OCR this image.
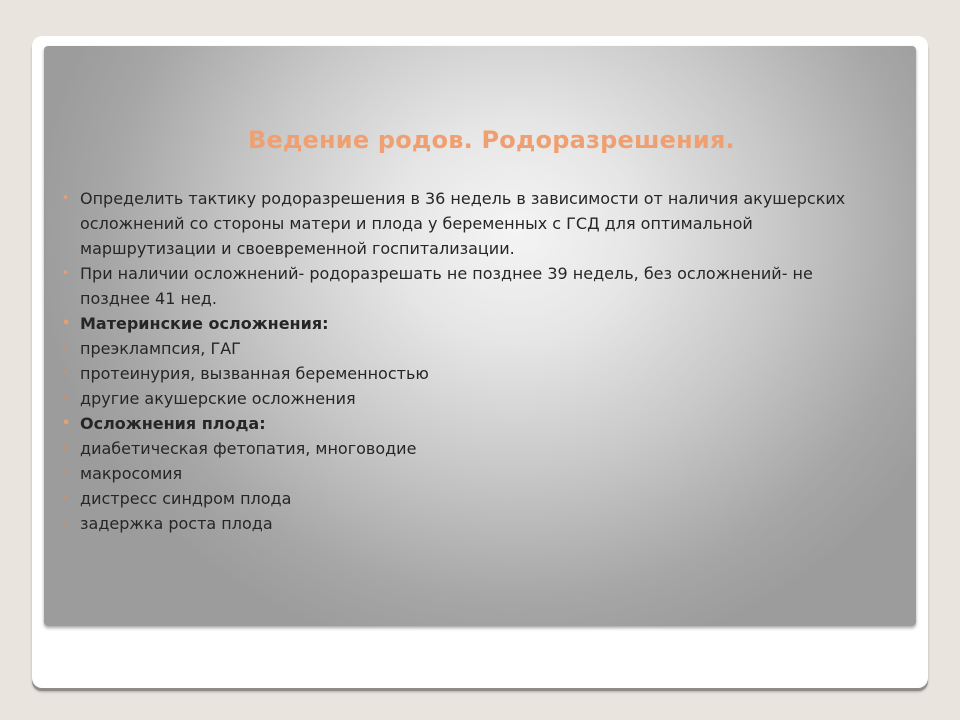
Ведение родов. Родоразрешения.
• Определить тактику родоразрешения в 36 недель в зависимости от наличия акушерских осложнений со стороны матери и плода у беременных с ГСД для оптимальной маршрутизации и своевременной госпитализации.
• При наличии осложнений- родоразрешать не позднее 39 недель, без осложнений- не позднее 41 нед.
• Материнские осложнения:
• преэклампсия, ГАГ
• протеинурия, вызванная беременностью
• другие акушерские осложнения
• Осложнения плода:
• диабетическая фетопатия, многоводие
• макросомия
• дистресс синдром плода
• задержка роста плода
